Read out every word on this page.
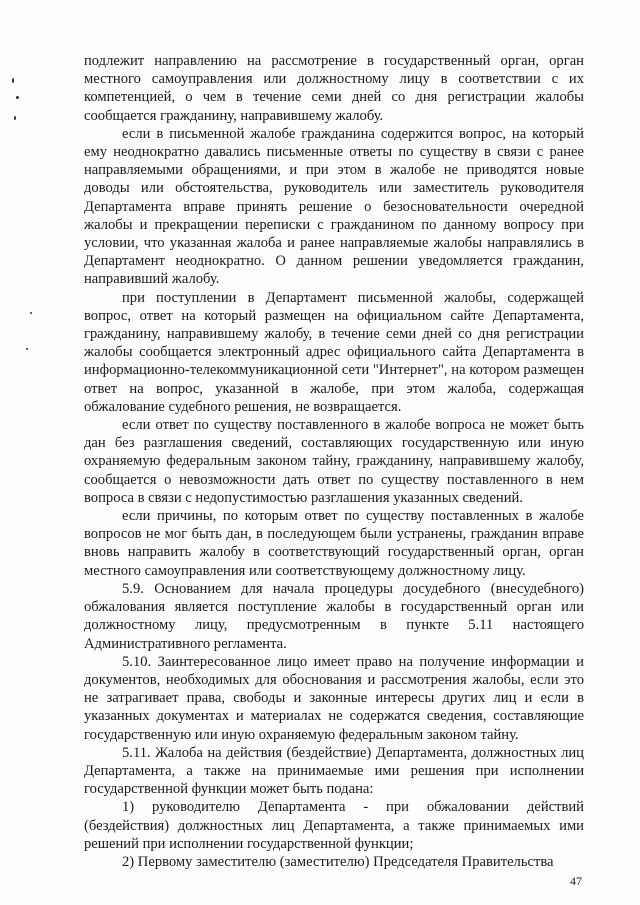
подлежит направлению на рассмотрение в государственный орган, орган местного самоуправления или должностному лицу в соответствии с их компетенцией, о чем в течение семи дней со дня регистрации жалобы сообщается гражданину, направившему жалобу.

если в письменной жалобе гражданина содержится вопрос, на который ему неоднократно давались письменные ответы по существу в связи с ранее направляемыми обращениями, и при этом в жалобе не приводятся новые доводы или обстоятельства, руководитель или заместитель руководителя Департамента вправе принять решение о безосновательности очередной жалобы и прекращении переписки с гражданином по данному вопросу при условии, что указанная жалоба и ранее направляемые жалобы направлялись в Департамент неоднократно. О данном решении уведомляется гражданин, направивший жалобу.

при поступлении в Департамент письменной жалобы, содержащей вопрос, ответ на который размещен на официальном сайте Департамента, гражданину, направившему жалобу, в течение семи дней со дня регистрации жалобы сообщается электронный адрес официального сайта Департамента в информационно-телекоммуникационной сети "Интернет", на котором размещен ответ на вопрос, указанной в жалобе, при этом жалоба, содержащая обжалование судебного решения, не возвращается.

если ответ по существу поставленного в жалобе вопроса не может быть дан без разглашения сведений, составляющих государственную или иную охраняемую федеральным законом тайну, гражданину, направившему жалобу, сообщается о невозможности дать ответ по существу поставленного в нем вопроса в связи с недопустимостью разглашения указанных сведений.

если причины, по которым ответ по существу поставленных в жалобе вопросов не мог быть дан, в последующем были устранены, гражданин вправе вновь направить жалобу в соответствующий государственный орган, орган местного самоуправления или соответствующему должностному лицу.

5.9. Основанием для начала процедуры досудебного (внесудебного) обжалования является поступление жалобы в государственный орган или должностному лицу, предусмотренным в пункте 5.11 настоящего Административного регламента.

5.10. Заинтересованное лицо имеет право на получение информации и документов, необходимых для обоснования и рассмотрения жалобы, если это не затрагивает права, свободы и законные интересы других лиц и если в указанных документах и материалах не содержатся сведения, составляющие государственную или иную охраняемую федеральным законом тайну.

5.11. Жалоба на действия (бездействие) Департамента, должностных лиц Департамента, а также на принимаемые ими решения при исполнении государственной функции может быть подана:

1) руководителю Департамента - при обжаловании действий (бездействия) должностных лиц Департамента, а также принимаемых ими решений при исполнении государственной функции;

2) Первому заместителю (заместителю) Председателя Правительства

47
